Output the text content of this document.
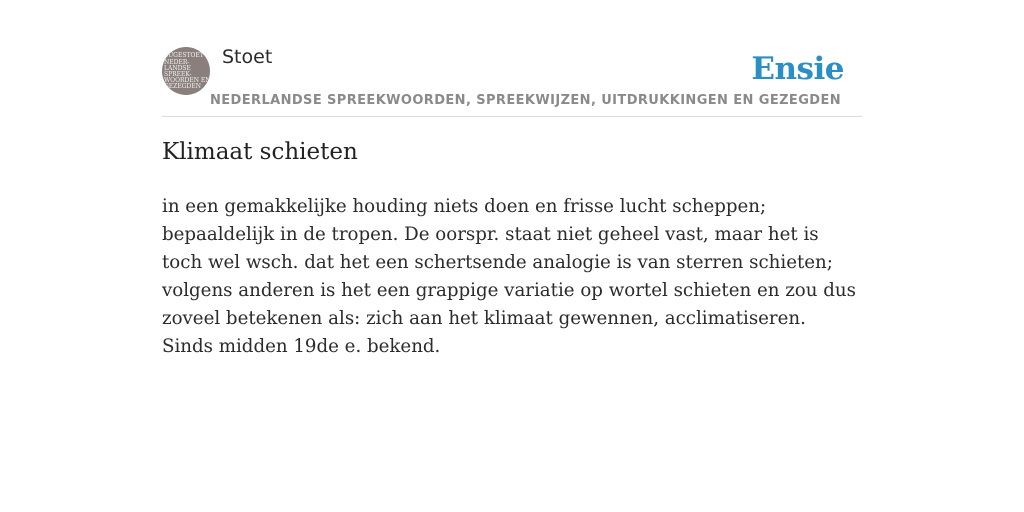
SUGESTOET
NEDER-
LANDSE
SPREEK-
WOORDEN EN
GEZEGDEN
Stoet
NEDERLANDSE SPREEKWOORDEN, SPREEKWIJZEN, UITDRUKKINGEN EN GEZEGDEN
Ensie
Klimaat schieten

in een gemakkelijke houding niets doen en frisse lucht scheppen; bepaaldelijk in de tropen. De oorspr. staat niet geheel vast, maar het is toch wel wsch. dat het een schertsende analogie is van sterren schieten; volgens anderen is het een grappige variatie op wortel schieten en zou dus zoveel betekenen als: zich aan het klimaat gewennen, acclimatiseren. Sinds midden 19de e. bekend.
